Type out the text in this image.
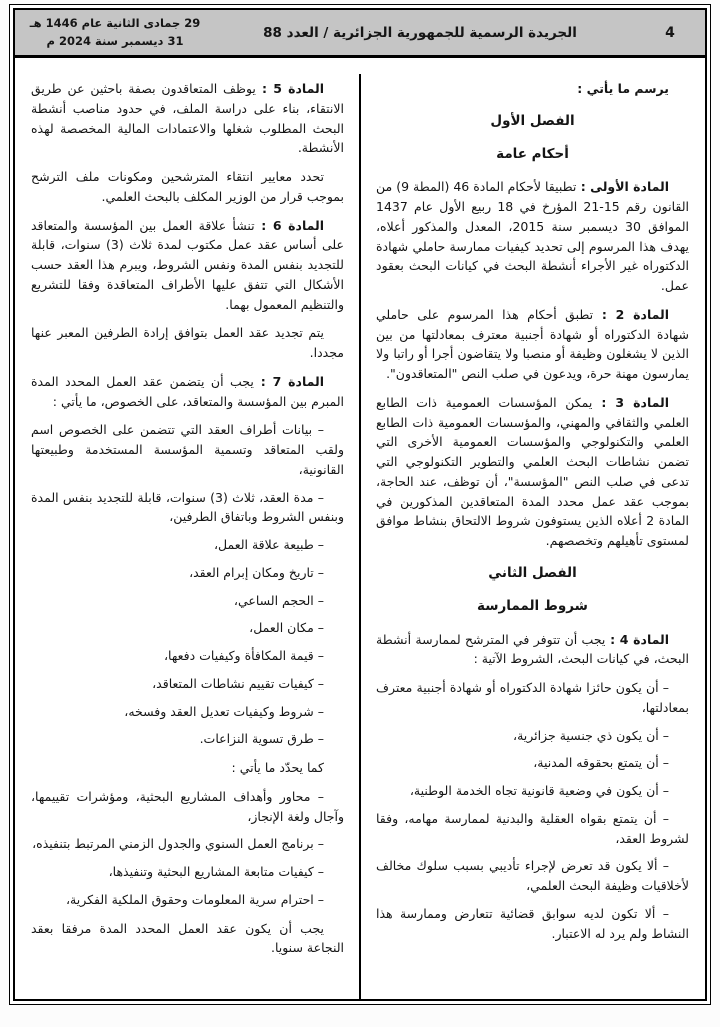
4
الجريدة الرسمية للجمهورية الجزائرية / العدد 88
29 جمادى الثانية عام 1446 هـ
31 ديسمبر سنة 2024 م
يرسم ما يأتي :
الفصل الأول
أحكام عامة
المادة الأولى : تطبيقا لأحكام المادة 46 (المطة 9) من القانون رقم 15-21 المؤرخ في 18 ربيع الأول عام 1437 الموافق 30 ديسمبر سنة 2015، المعدل والمذكور أعلاه، يهدف هذا المرسوم إلى تحديد كيفيات ممارسة حاملي شهادة الدكتوراه غير الأجراء أنشطة البحث في كيانات البحث بعقود عمل.
المادة 2 : تطبق أحكام هذا المرسوم على حاملي شهادة الدكتوراه أو شهادة أجنبية معترف بمعادلتها من بين الذين لا يشغلون وظيفة أو منصبا ولا يتقاضون أجرا أو راتبا ولا يمارسون مهنة حرة، ويدعون في صلب النص "المتعاقدون".
المادة 3 : يمكن المؤسسات العمومية ذات الطابع العلمي والثقافي والمهني، والمؤسسات العمومية ذات الطابع العلمي والتكنولوجي والمؤسسات العمومية الأخرى التي تضمن نشاطات البحث العلمي والتطوير التكنولوجي التي تدعى في صلب النص "المؤسسة"، أن توظف، عند الحاجة، بموجب عقد عمل محدد المدة المتعاقدين المذكورين في المادة 2 أعلاه الذين يستوفون شروط الالتحاق بنشاط موافق لمستوى تأهيلهم وتخصصهم.
الفصل الثاني
شروط الممارسة
المادة 4 : يجب أن تتوفر في المترشح لممارسة أنشطة البحث، في كيانات البحث، الشروط الآتية :
– أن يكون حائزا شهادة الدكتوراه أو شهادة أجنبية معترف بمعادلتها،
– أن يكون ذي جنسية جزائرية،
– أن يتمتع بحقوقه المدنية،
– أن يكون في وضعية قانونية تجاه الخدمة الوطنية،
– أن يتمتع بقواه العقلية والبدنية لممارسة مهامه، وفقا لشروط العقد،
– ألا يكون قد تعرض لإجراء تأديبي بسبب سلوك مخالف لأخلاقيات وظيفة البحث العلمي،
– ألا تكون لديه سوابق قضائية تتعارض وممارسة هذا النشاط ولم يرد له الاعتبار.
المادة 5 : يوظف المتعاقدون بصفة باحثين عن طريق الانتقاء، بناء على دراسة الملف، في حدود مناصب أنشطة البحث المطلوب شغلها والاعتمادات المالية المخصصة لهذه الأنشطة.
تحدد معايير انتقاء المترشحين ومكونات ملف الترشح بموجب قرار من الوزير المكلف بالبحث العلمي.
المادة 6 : تنشأ علاقة العمل بين المؤسسة والمتعاقد على أساس عقد عمل مكتوب لمدة ثلاث (3) سنوات، قابلة للتجديد بنفس المدة ونفس الشروط، ويبرم هذا العقد حسب الأشكال التي تتفق عليها الأطراف المتعاقدة وفقا للتشريع والتنظيم المعمول بهما.
يتم تجديد عقد العمل بتوافق إرادة الطرفين المعبر عنها مجددا.
المادة 7 : يجب أن يتضمن عقد العمل المحدد المدة المبرم بين المؤسسة والمتعاقد، على الخصوص، ما يأتي :
– بيانات أطراف العقد التي تتضمن على الخصوص اسم ولقب المتعاقد وتسمية المؤسسة المستخدمة وطبيعتها القانونية،
– مدة العقد، ثلاث (3) سنوات، قابلة للتجديد بنفس المدة وبنفس الشروط وباتفاق الطرفين،
– طبيعة علاقة العمل،
– تاريخ ومكان إبرام العقد،
– الحجم الساعي،
– مكان العمل،
– قيمة المكافأة وكيفيات دفعها،
– كيفيات تقييم نشاطات المتعاقد،
– شروط وكيفيات تعديل العقد وفسخه،
– طرق تسوية النزاعات.
كما يحدّد ما يأتي :
– محاور وأهداف المشاريع البحثية، ومؤشرات تقييمها، وآجال ولغة الإنجاز،
– برنامج العمل السنوي والجدول الزمني المرتبط بتنفيذه،
– كيفيات متابعة المشاريع البحثية وتنفيذها،
– احترام سرية المعلومات وحقوق الملكية الفكرية،
يجب أن يكون عقد العمل المحدد المدة مرفقا بعقد النجاعة سنويا.
